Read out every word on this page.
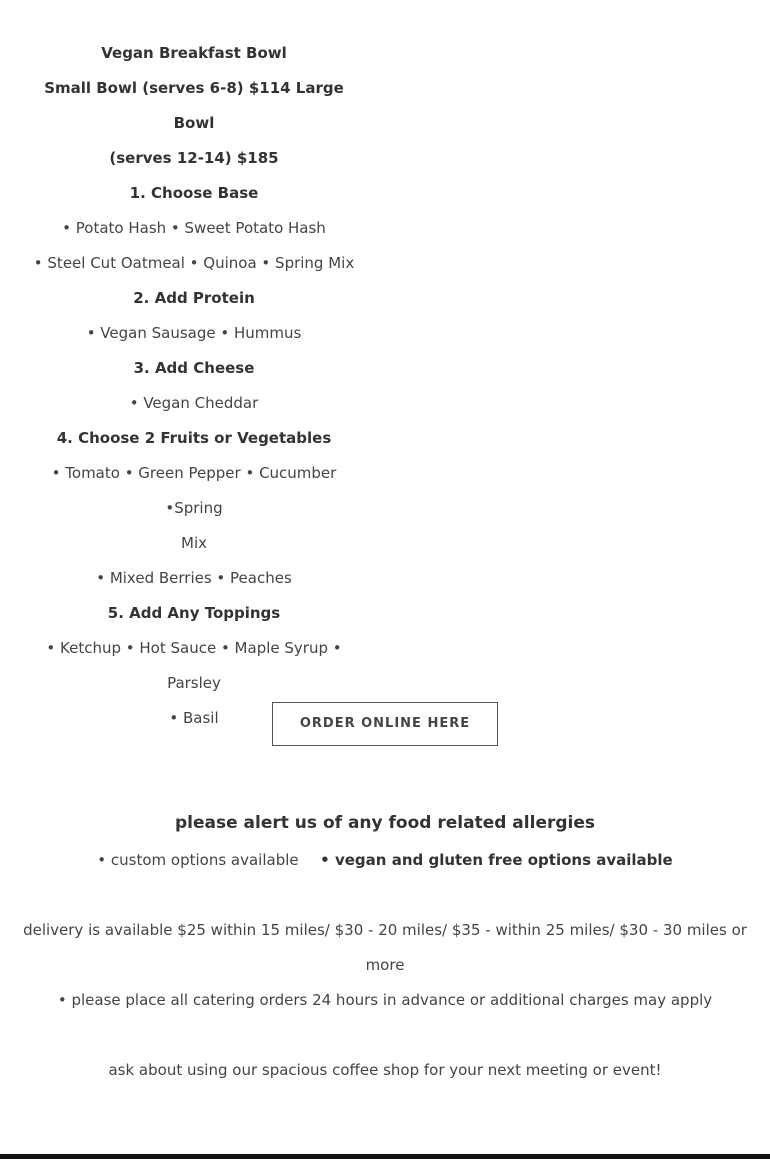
Vegan Breakfast Bowl

Small Bowl (serves 6-8) $114 Large Bowl

(serves 12-14) $185

1. Choose Base

• Potato Hash • Sweet Potato Hash

• Steel Cut Oatmeal • Quinoa • Spring Mix

2. Add Protein

• Vegan Sausage • Hummus

3. Add Cheese

• Vegan Cheddar

4. Choose 2 Fruits or Vegetables

• Tomato • Green Pepper • Cucumber •Spring

Mix

• Mixed Berries • Peaches

5. Add Any Toppings

• Ketchup • Hot Sauce • Maple Syrup • Parsley

• Basil	ORDER ONLINE HERE
please alert us of any food related allergies
• custom options available • vegan and gluten free options available
delivery is available $25 within 15 miles/ $30 - 20 miles/ $35 - within 25 miles/ $30 - 30 miles or
more
• please place all catering orders 24 hours in advance or additional charges may apply
ask about using our spacious coffee shop for your next meeting or event!
